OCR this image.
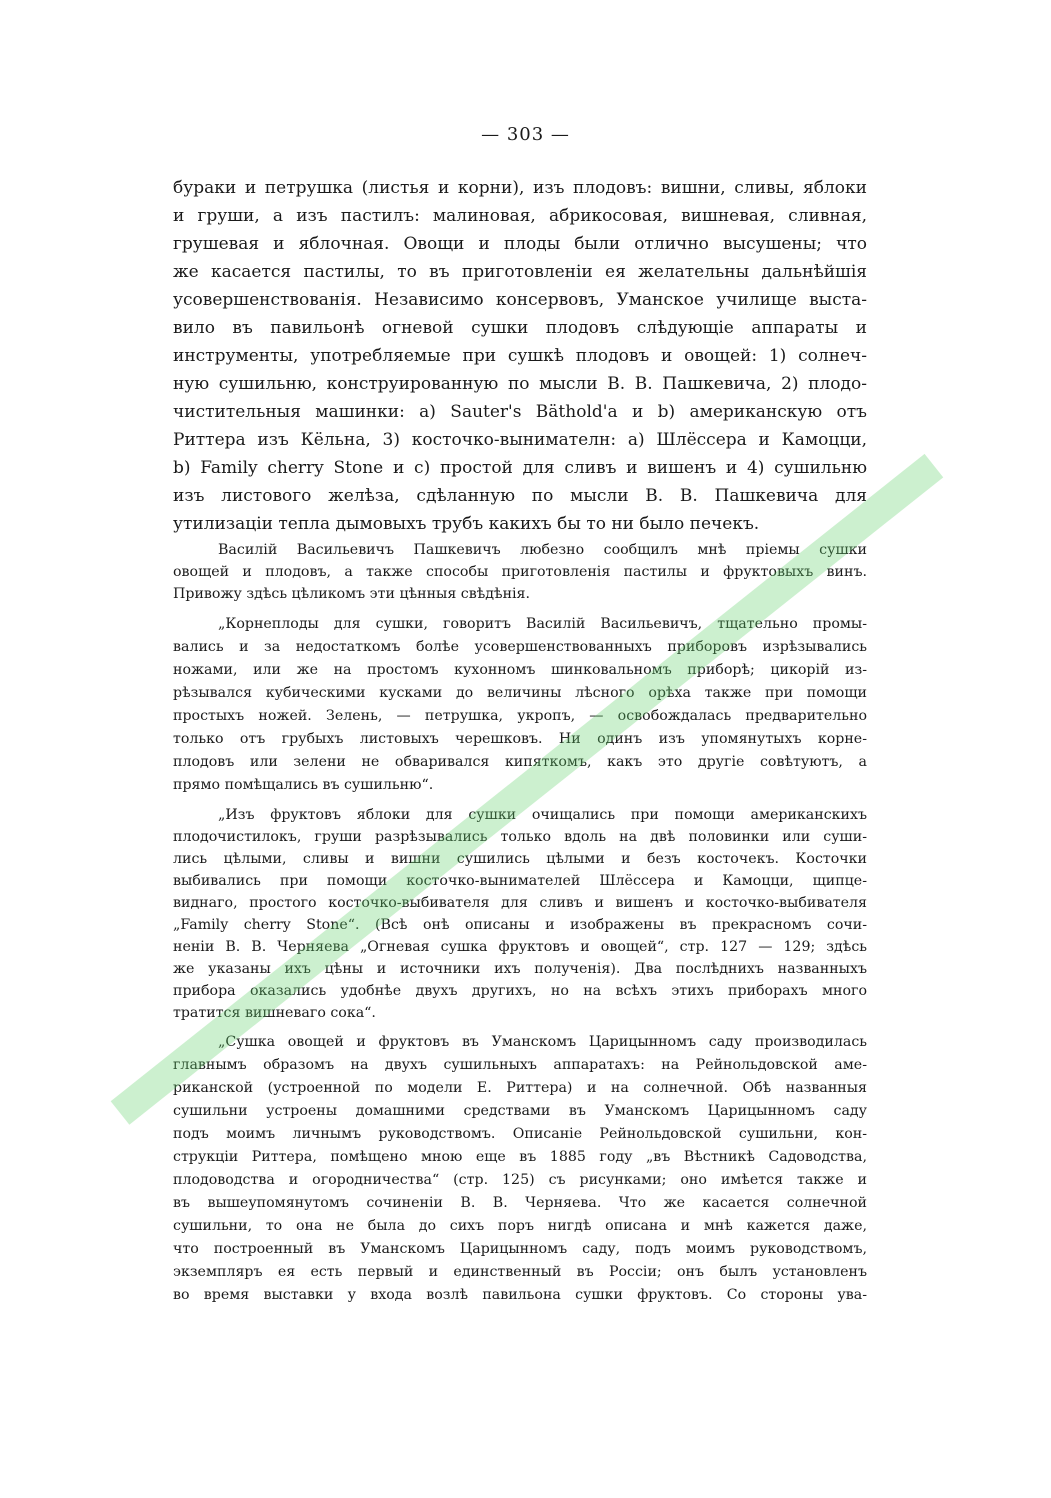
— 303 —
бураки и петрушка (листья и корни), изъ плодовъ: вишни, сливы, яблоки
и груши, а изъ пастилъ: малиновая, абрикосовая, вишневая, сливная,
грушевая и яблочная. Овощи и плоды были отлично высушены; что
же касается пастилы, то въ приготовленіи ея желательны дальнѣйшія
усовершенствованія. Независимо консервовъ, Уманское училище выста-
вило въ павильонѣ огневой сушки плодовъ слѣдующіе аппараты и
инструменты, употребляемые при сушкѣ плодовъ и овощей: 1) солнеч-
ную сушильню, конструированную по мысли В. В. Пашкевича, 2) плодо-
чистительныя машинки: а) Sauter's Bäthold'a и b) американскую отъ
Риттера изъ Кёльна, 3) косточко-вынимателн: а) Шлёссера и Камоцци,
b) Family cherry Stone и с) простой для сливъ и вишенъ и 4) сушильню
изъ листового желѣза, сдѣланную по мысли В. В. Пашкевича для
утилизаціи тепла дымовыхъ трубъ какихъ бы то ни было печекъ.
Василій Васильевичъ Пашкевичъ любезно сообщилъ мнѣ пріемы сушки
овощей и плодовъ, а также способы приготовленія пастилы и фруктовыхъ винъ.
Привожу здѣсь цѣликомъ эти цѣнныя свѣдѣнія.
„Корнеплоды для сушки, говоритъ Василій Васильевичъ, тщательно промы-
вались и за недостаткомъ болѣе усовершенствованныхъ приборовъ изрѣзывались
ножами, или же на простомъ кухонномъ шинковальномъ приборѣ; цикорій из-
рѣзывался кубическими кусками до величины лѣсного орѣха также при помощи
простыхъ ножей. Зелень, — петрушка, укропъ, — освобождалась предварительно
только отъ грубыхъ листовыхъ черешковъ. Ни одинъ изъ упомянутыхъ корне-
плодовъ или зелени не обваривался кипяткомъ, какъ это другіе совѣтуютъ, а
прямо помѣщались въ сушильню“.
„Изъ фруктовъ яблоки для сушки очищались при помощи американскихъ
плодочистилокъ, груши разрѣзывались только вдоль на двѣ половинки или суши-
лись цѣлыми, сливы и вишни сушились цѣлыми и безъ косточекъ. Косточки
выбивались при помощи косточко-вынимателей Шлёссера и Камоцци, щипце-
виднаго, простого косточко-выбивателя для сливъ и вишенъ и косточко-выбивателя
„Family cherry Stone“. (Всѣ онѣ описаны и изображены въ прекрасномъ сочи-
неніи В. В. Черняева „Огневая сушка фруктовъ и овощей“, стр. 127 — 129; здѣсь
же указаны ихъ цѣны и источники ихъ полученія). Два послѣднихъ названныхъ
прибора оказались удобнѣе двухъ другихъ, но на всѣхъ этихъ приборахъ много
тратится вишневаго сока“.
„Сушка овощей и фруктовъ въ Уманскомъ Царицынномъ саду производилась
главнымъ образомъ на двухъ сушильныхъ аппаратахъ: на Рейнольдовской аме-
риканской (устроенной по модели Е. Риттера) и на солнечной. Обѣ названныя
сушильни устроены домашними средствами въ Уманскомъ Царицынномъ саду
подъ моимъ личнымъ руководствомъ. Описаніе Рейнольдовской сушильни, кон-
струкціи Риттера, помѣщено мною еще въ 1885 году „въ Вѣстникѣ Садоводства,
плодоводства и огородничества“ (стр. 125) съ рисунками; оно имѣется также и
въ вышеупомянутомъ сочиненіи В. В. Черняева. Что же касается солнечной
сушильни, то она не была до сихъ поръ нигдѣ описана и мнѣ кажется даже,
что построенный въ Уманскомъ Царицынномъ саду, подъ моимъ руководствомъ,
экземпляръ ея есть первый и единственный въ Россіи; онъ былъ установленъ
во время выставки у входа возлѣ павильона сушки фруктовъ. Со стороны ува-
